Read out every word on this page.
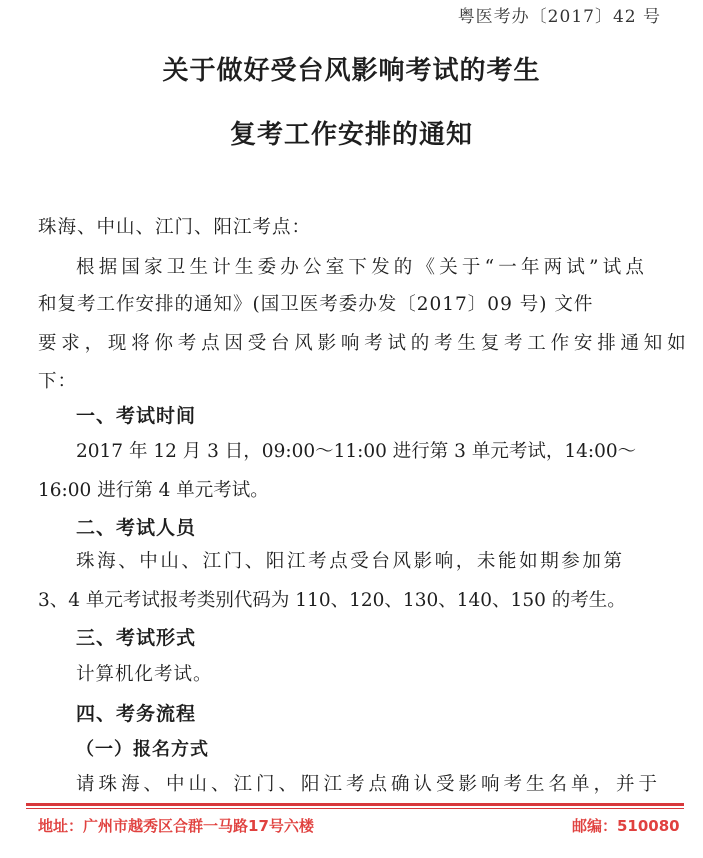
粤医考办〔2017〕42 号
关于做好受台风影响考试的考生
复考工作安排的通知
珠海、中山、江门、阳江考点：
根据国家卫生计生委办公室下发的《关于“一年两试”试点
和复考工作安排的通知》(国卫医考委办发〔2017〕09 号) 文件
要求，现将你考点因受台风影响考试的考生复考工作安排通知如
下：
一、考试时间
2017 年 12 月 3 日，09:00～11:00 进行第 3 单元考试，14:00～
16:00 进行第 4 单元考试。
二、考试人员
珠海、中山、江门、阳江考点受台风影响，未能如期参加第
3、4 单元考试报考类别代码为 110、120、130、140、150 的考生。
三、考试形式
计算机化考试。
四、考务流程
（一）报名方式
请珠海、中山、江门、阳江考点确认受影响考生名单，并于
地址：广州市越秀区合群一马路17号六楼	邮编：510080
